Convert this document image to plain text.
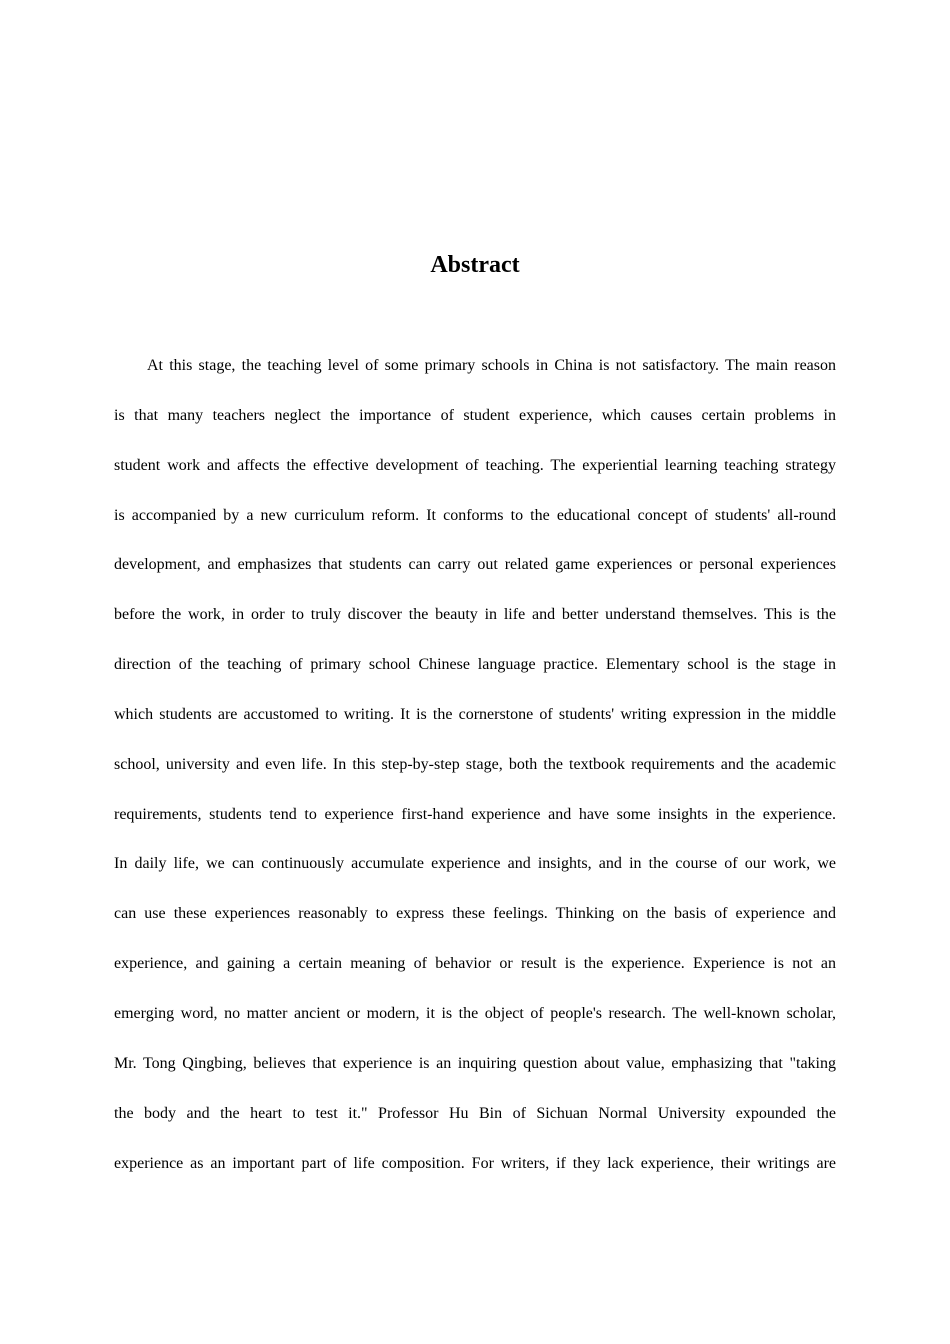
Abstract
At this stage, the teaching level of some primary schools in China is not satisfactory. The main reason
is that many teachers neglect the importance of student experience, which causes certain problems in
student work and affects the effective development of teaching. The experiential learning teaching strategy
is accompanied by a new curriculum reform. It conforms to the educational concept of students' all-round
development, and emphasizes that students can carry out related game experiences or personal experiences
before the work, in order to truly discover the beauty in life and better understand themselves. This is the
direction of the teaching of primary school Chinese language practice. Elementary school is the stage in
which students are accustomed to writing. It is the cornerstone of students' writing expression in the middle
school, university and even life. In this step-by-step stage, both the textbook requirements and the academic
requirements, students tend to experience first-hand experience and have some insights in the experience.
In daily life, we can continuously accumulate experience and insights, and in the course of our work, we
can use these experiences reasonably to express these feelings. Thinking on the basis of experience and
experience, and gaining a certain meaning of behavior or result is the experience. Experience is not an
emerging word, no matter ancient or modern, it is the object of people's research. The well-known scholar,
Mr. Tong Qingbing, believes that experience is an inquiring question about value, emphasizing that "taking
the body and the heart to test it." Professor Hu Bin of Sichuan Normal University expounded the
experience as an important part of life composition. For writers, if they lack experience, their writings are
